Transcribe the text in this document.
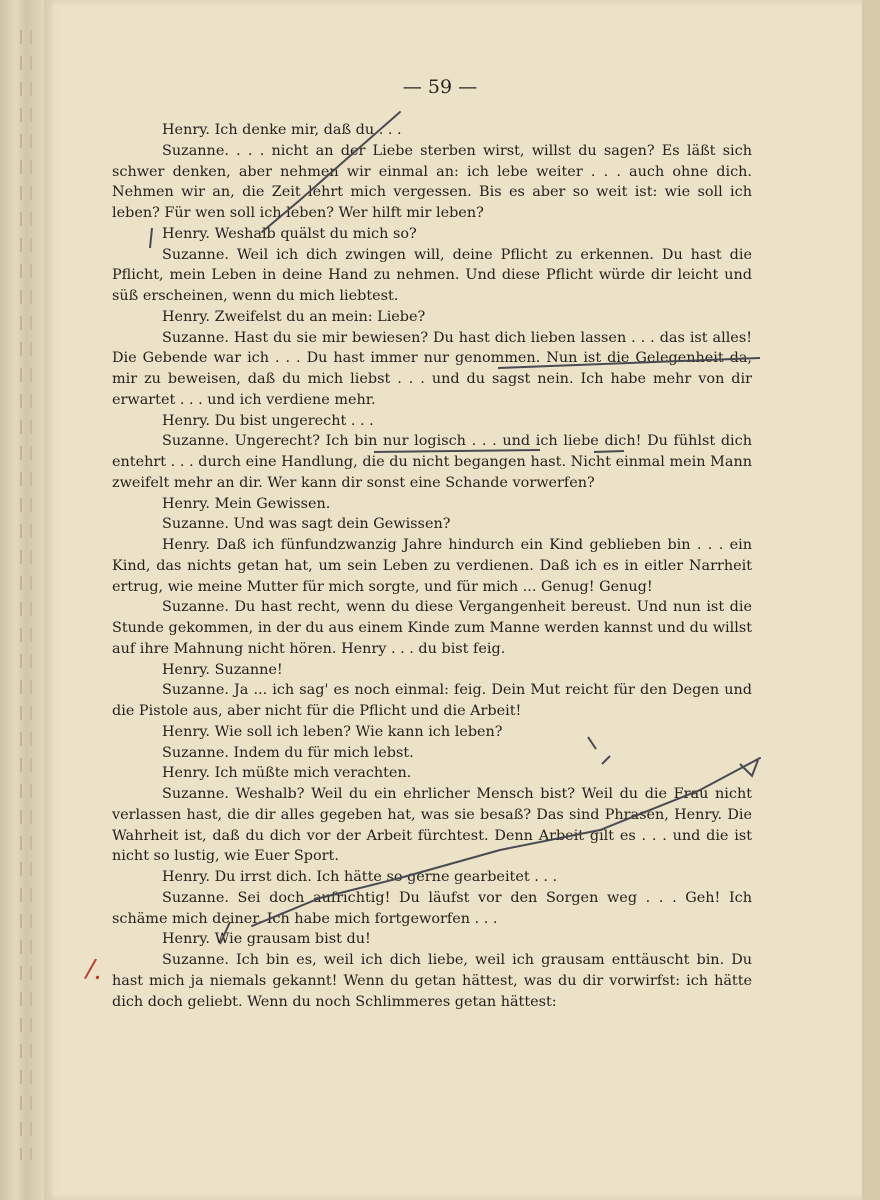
— 59 —

Henry. Ich denke mir, daß du . . .

Suzanne. . . . nicht an der Liebe sterben wirst, willst du sagen? Es läßt sich schwer denken, aber nehmen wir einmal an: ich lebe weiter . . . auch ohne dich. Nehmen wir an, die Zeit lehrt mich vergessen. Bis es aber so weit ist: wie soll ich leben? Für wen soll ich leben? Wer hilft mir leben?

Henry. Weshalb quälst du mich so?

Suzanne. Weil ich dich zwingen will, deine Pflicht zu erkennen. Du hast die Pflicht, mein Leben in deine Hand zu nehmen. Und diese Pflicht würde dir leicht und süß erscheinen, wenn du mich liebtest.

Henry. Zweifelst du an mein: Liebe?

Suzanne. Hast du sie mir bewiesen? Du hast dich lieben lassen . . . das ist alles! Die Gebende war ich . . . Du hast immer nur genommen. Nun ist die Gelegenheit da, mir zu beweisen, daß du mich liebst . . . und du sagst nein. Ich habe mehr von dir erwartet . . . und ich verdiene mehr.

Henry. Du bist ungerecht . . .

Suzanne. Ungerecht? Ich bin nur logisch . . . und ich liebe dich! Du fühlst dich entehrt . . . durch eine Handlung, die du nicht begangen hast. Nicht einmal mein Mann zweifelt mehr an dir. Wer kann dir sonst eine Schande vorwerfen?

Henry. Mein Gewissen.

Suzanne. Und was sagt dein Gewissen?

Henry. Daß ich fünfundzwanzig Jahre hindurch ein Kind geblieben bin . . . ein Kind, das nichts getan hat, um sein Leben zu verdienen. Daß ich es in eitler Narrheit ertrug, wie meine Mutter für mich sorgte, und für mich ... Genug! Genug!

Suzanne. Du hast recht, wenn du diese Vergangenheit bereust. Und nun ist die Stunde gekommen, in der du aus einem Kinde zum Manne werden kannst und du willst auf ihre Mahnung nicht hören. Henry . . . du bist feig.

Henry. Suzanne!

Suzanne. Ja ... ich sag' es noch einmal: feig. Dein Mut reicht für den Degen und die Pistole aus, aber nicht für die Pflicht und die Arbeit!

Henry. Wie soll ich leben? Wie kann ich leben?

Suzanne. Indem du für mich lebst.

Henry. Ich müßte mich verachten.

Suzanne. Weshalb? Weil du ein ehrlicher Mensch bist? Weil du die Frau nicht verlassen hast, die dir alles gegeben hat, was sie besaß? Das sind Phrasen, Henry. Die Wahrheit ist, daß du dich vor der Arbeit fürchtest. Denn Arbeit gilt es . . . und die ist nicht so lustig, wie Euer Sport.

Henry. Du irrst dich. Ich hätte so gerne gearbeitet . . .

Suzanne. Sei doch aufrichtig! Du läufst vor den Sorgen weg . . . Geh! Ich schäme mich deiner. Ich habe mich fortgeworfen . . .

Henry. Wie grausam bist du!

Suzanne. Ich bin es, weil ich dich liebe, weil ich grausam enttäuscht bin. Du hast mich ja niemals gekannt! Wenn du getan hättest, was du dir vorwirfst: ich hätte dich doch geliebt. Wenn du noch Schlimmeres getan hättest:

/.
